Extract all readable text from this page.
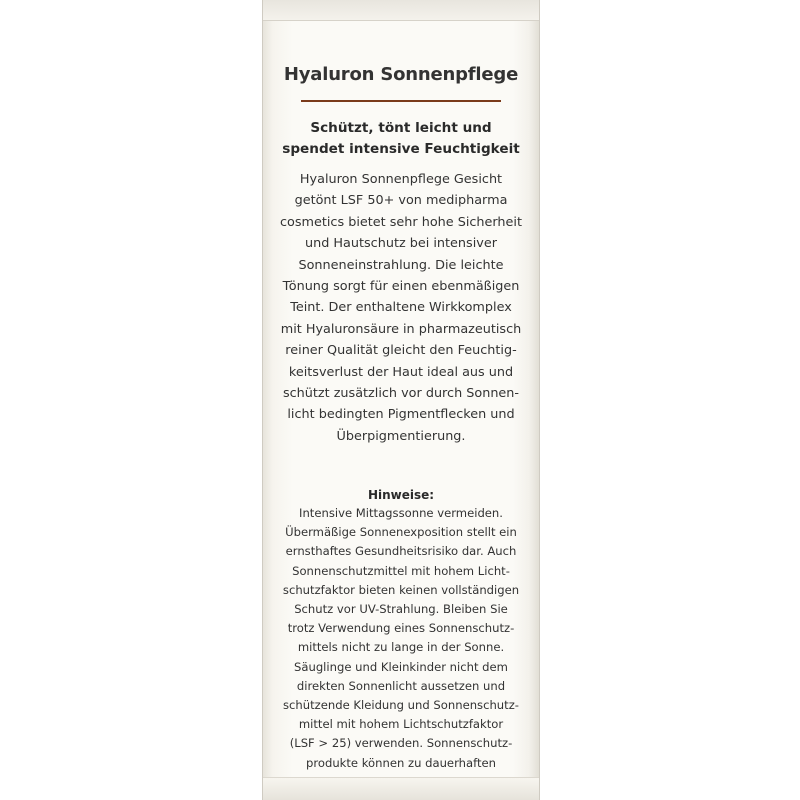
Hyaluron Sonnenpflege
Schützt, tönt leicht und
spendet intensive Feuchtigkeit
Hyaluron Sonnenpflege Gesicht
getönt LSF 50+ von medipharma
cosmetics bietet sehr hohe Sicherheit
und Hautschutz bei intensiver
Sonneneinstrahlung. Die leichte
Tönung sorgt für einen ebenmäßigen
Teint. Der enthaltene Wirkkomplex
mit Hyaluronsäure in pharmazeutisch
reiner Qualität gleicht den Feuchtig-
keitsverlust der Haut ideal aus und
schützt zusätzlich vor durch Sonnen-
licht bedingten Pigmentflecken und
Überpigmentierung.
Hinweise:
Intensive Mittagssonne vermeiden.
Übermäßige Sonnenexposition stellt ein
ernsthaftes Gesundheitsrisiko dar. Auch
Sonnenschutzmittel mit hohem Licht-
schutzfaktor bieten keinen vollständigen
Schutz vor UV-Strahlung. Bleiben Sie
trotz Verwendung eines Sonnenschutz-
mittels nicht zu lange in der Sonne.
Säuglinge und Kleinkinder nicht dem
direkten Sonnenlicht aussetzen und
schützende Kleidung und Sonnenschutz-
mittel mit hohem Lichtschutzfaktor
(LSF > 25) verwenden. Sonnenschutz-
produkte können zu dauerhaften
